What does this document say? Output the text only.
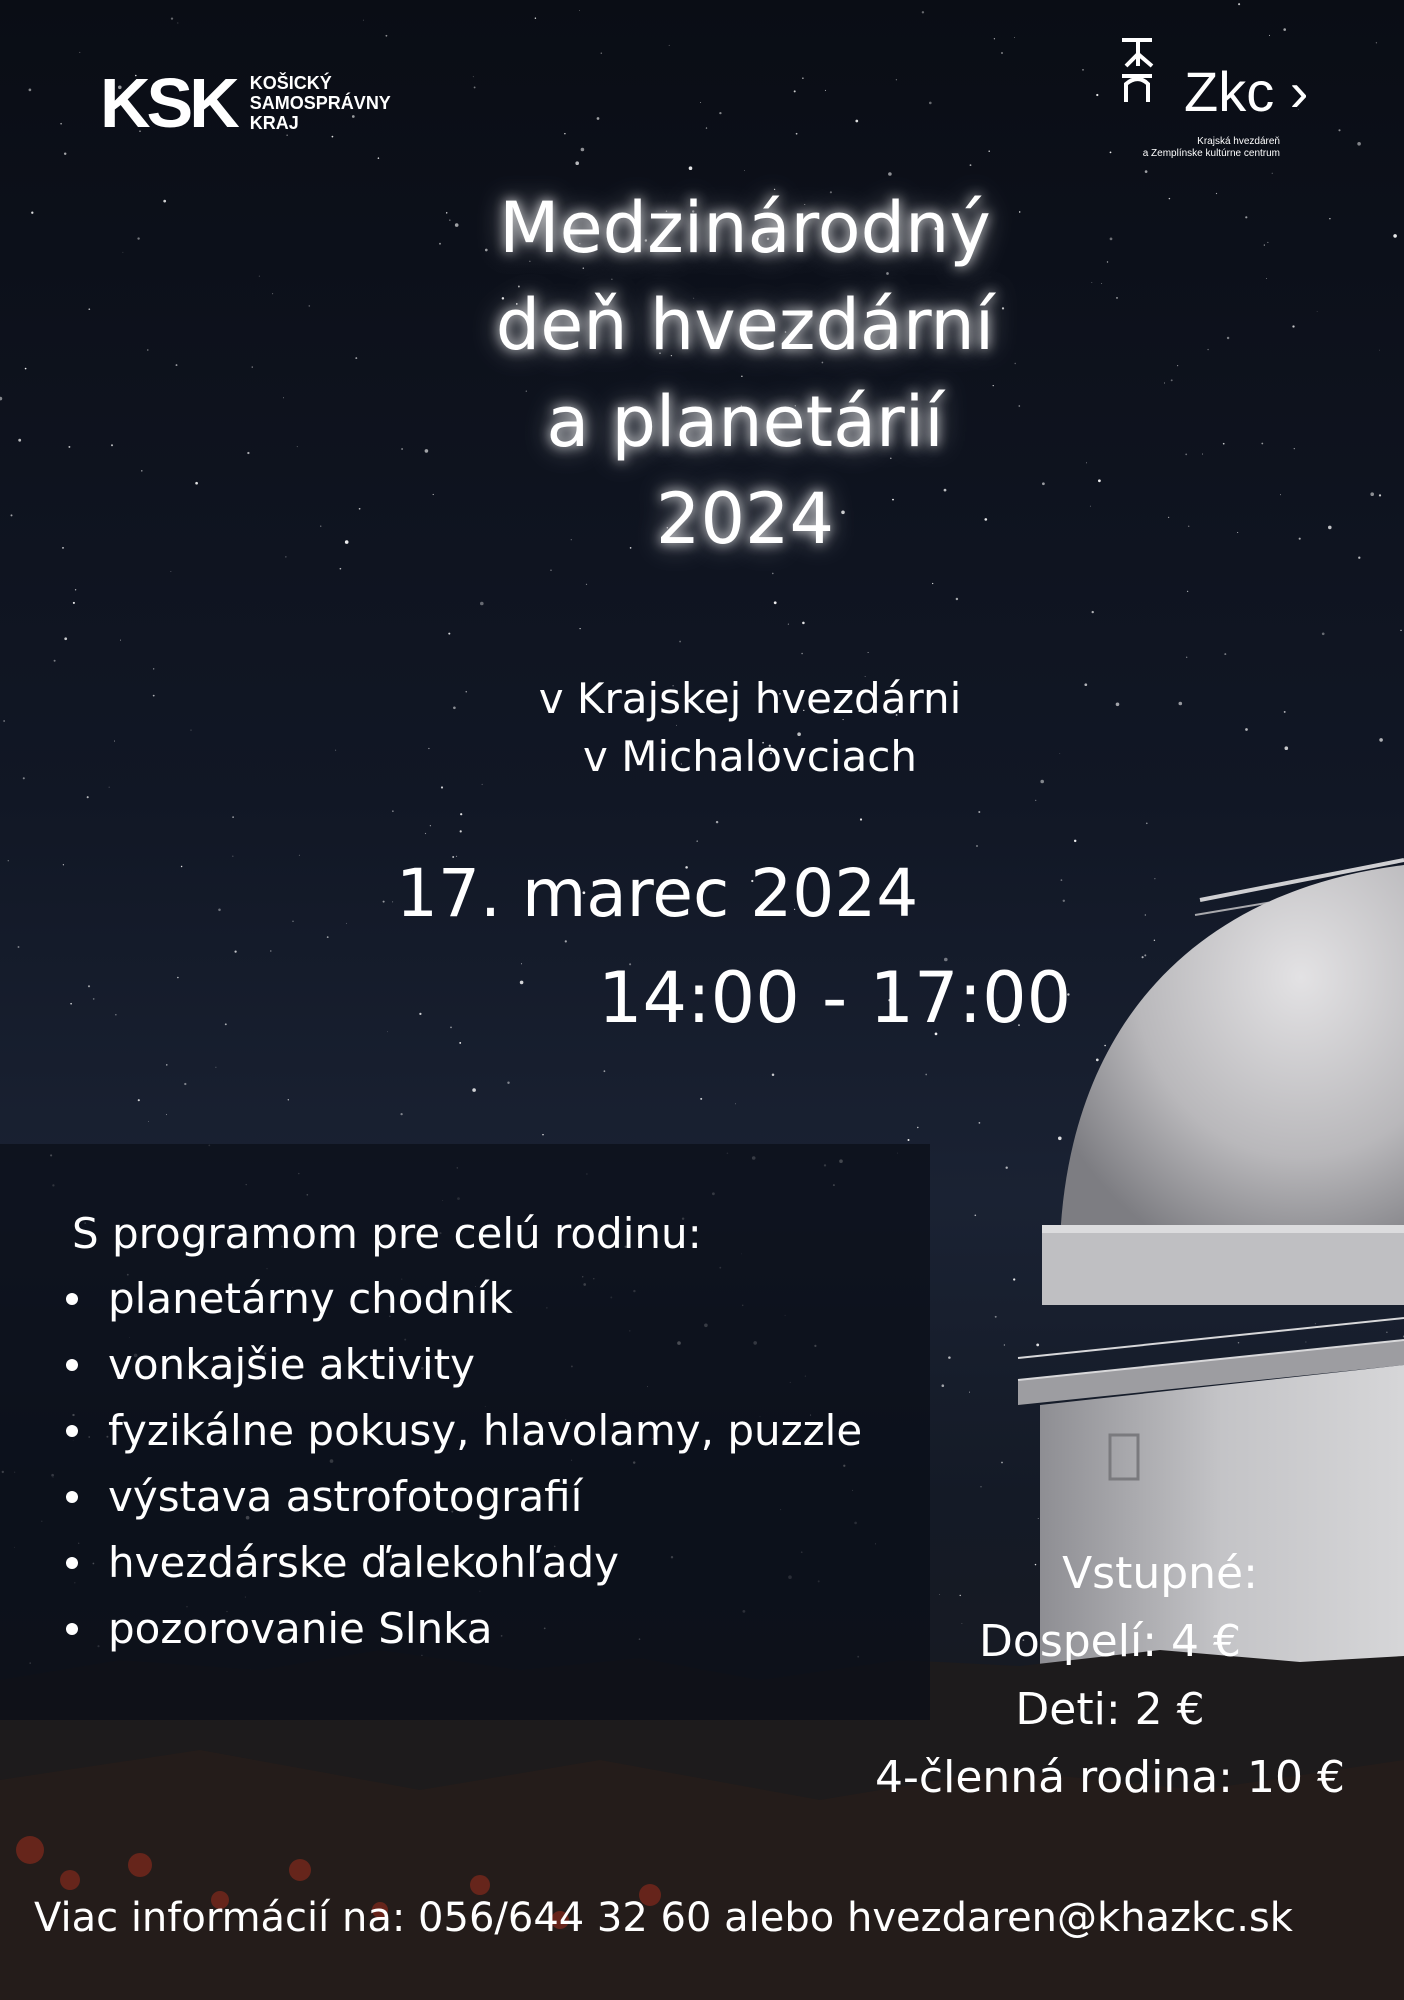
KSK KOŠICKÝ
SAMOSPRÁVNY
KRAJ	Zkc ›
Krajská hvezdáreň
a Zemplínske kultúrne centrum
Medzinárodný
deň hvezdární
a planetárií
2024
v Krajskej hvezdárni
v Michalovciach
17. marec 2024
14:00 - 17:00
S programom pre celú rodinu:
planetárny chodník
vonkajšie aktivity
fyzikálne pokusy, hlavolamy, puzzle
výstava astrofotografií
hvezdárske ďalekohľady
pozorovanie Slnka
Vstupné:
Dospelí: 4 €
Deti: 2 €
4-členná rodina: 10 €
Viac informácií na: 056/644 32 60 alebo hvezdaren@khazkc.sk
